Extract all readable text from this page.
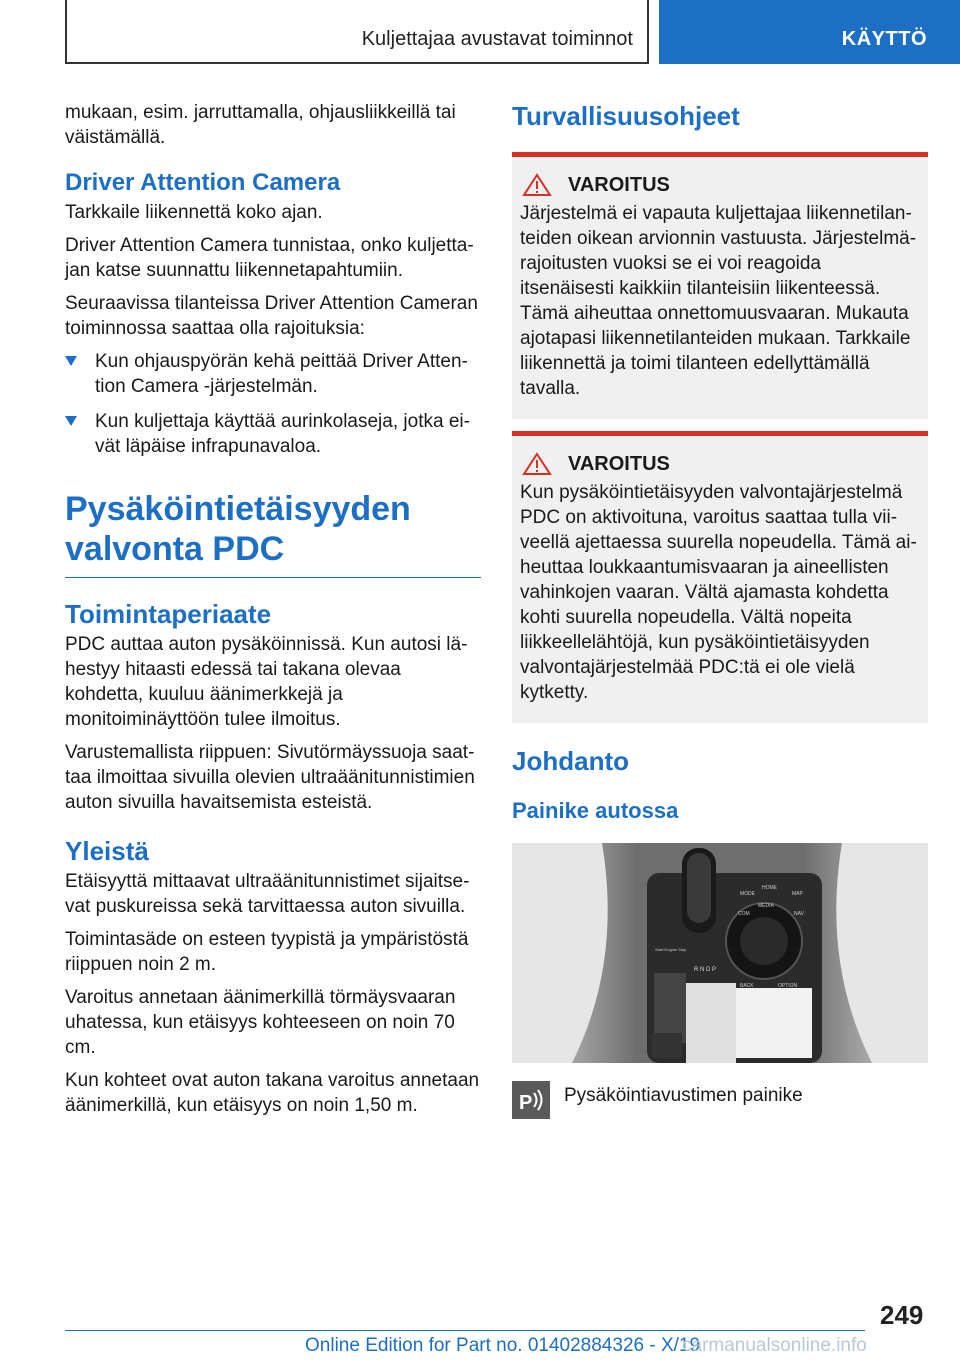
Kuljettajaa avustavat toiminnot	KÄYTTÖ

mukaan, esim. jarruttamalla, ohjausliikkeillä tai väistämällä.

Driver Attention Camera

Tarkkaile liikennettä koko ajan.

Driver Attention Camera tunnistaa, onko kuljettajan katse suunnattu liikennetapahtumiin.

Seuraavissa tilanteissa Driver Attention Cameran toiminnossa saattaa olla rajoituksia:

Kun ohjauspyörän kehä peittää Driver Attention Camera -järjestelmän.
Kun kuljettaja käyttää aurinkolaseja, jotka eivät läpäise infrapunavaloa.
Pysäköintietäisyyden valvonta PDC
Toimintaperiaate

PDC auttaa auton pysäköinnissä. Kun autosi lähestyy hitaasti edessä tai takana olevaa kohdetta, kuuluu äänimerkkejä ja monitoiminäyttöön tulee ilmoitus.

Varustemallista riippuen: Sivutörmäyssuoja saattaa ilmoittaa sivuilla olevien ultraäänitunnistimien auton sivuilla havaitsemista esteistä.

Yleistä

Etäisyyttä mittaavat ultraäänitunnistimet sijaitsevat puskureissa sekä tarvittaessa auton sivuilla.

Toimintasäde on esteen tyypistä ja ympäristöstä riippuen noin 2 m.

Varoitus annetaan äänimerkillä törmäysvaaran uhatessa, kun etäisyys kohteeseen on noin 70 cm.

Kun kohteet ovat auton takana varoitus annetaan äänimerkillä, kun etäisyys on noin 1,50 m.

Turvallisuusohjeet
VAROITUS

Järjestelmä ei vapauta kuljettajaa liikennetilanteiden oikean arvionnin vastuusta. Järjestelmärajoitusten vuoksi se ei voi reagoida itsenäisesti kaikkiin tilanteisiin liikenteessä. Tämä aiheuttaa onnettomuusvaaran. Mukauta ajotapasi liikennetilanteiden mukaan. Tarkkaile liikennettä ja toimi tilanteen edellyttämällä tavalla.

VAROITUS

Kun pysäköintietäisyyden valvontajärjestelmä PDC on aktivoituna, varoitus saattaa tulla viiveellä ajettaessa suurella nopeudella. Tämä aiheuttaa loukkaantumisvaaran ja aineellisten vahinkojen vaaran. Vältä ajamasta kohdetta kohti suurella nopeudella. Vältä nopeita liikkeellelähtöjä, kun pysäköintietäisyyden valvontajärjestelmää PDC:tä ei ole vielä kytketty.

Johdanto
Painike autossa
MODE
HOME
MAP
COM
MEDIA
NAV
BACK	OPTION
Start Engine Stop
R N D P
P Pysäköintiavustimen painike
249
Online Edition for Part no. 01402884326 - X/19
carmanualsonline.info
